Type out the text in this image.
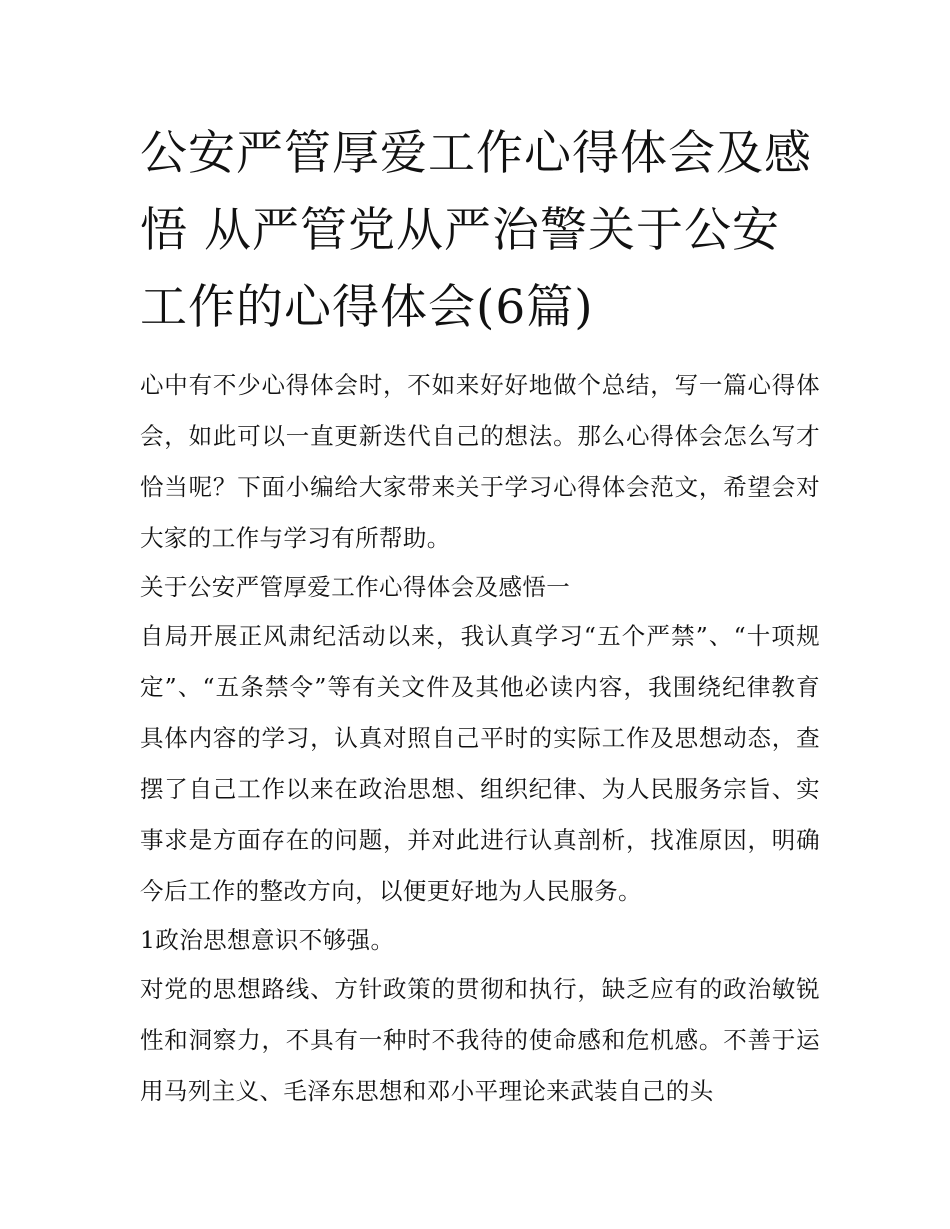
公安严管厚爱工作心得体会及感悟 从严管党从严治警关于公安工作的心得体会(6篇)

心中有不少心得体会时，不如来好好地做个总结，写一篇心得体会，如此可以一直更新迭代自己的想法。那么心得体会怎么写才恰当呢？下面小编给大家带来关于学习心得体会范文，希望会对大家的工作与学习有所帮助。

关于公安严管厚爱工作心得体会及感悟一

自局开展正风肃纪活动以来，我认真学习“五个严禁”、“十项规定”、“五条禁令”等有关文件及其他必读内容，我围绕纪律教育具体内容的学习，认真对照自己平时的实际工作及思想动态，查摆了自己工作以来在政治思想、组织纪律、为人民服务宗旨、实事求是方面存在的问题，并对此进行认真剖析，找准原因，明确今后工作的整改方向，以便更好地为人民服务。

1政治思想意识不够强。

对党的思想路线、方针政策的贯彻和执行，缺乏应有的政治敏锐性和洞察力，不具有一种时不我待的使命感和危机感。不善于运用马列主义、毛泽东思想和邓小平理论来武装自己的头
